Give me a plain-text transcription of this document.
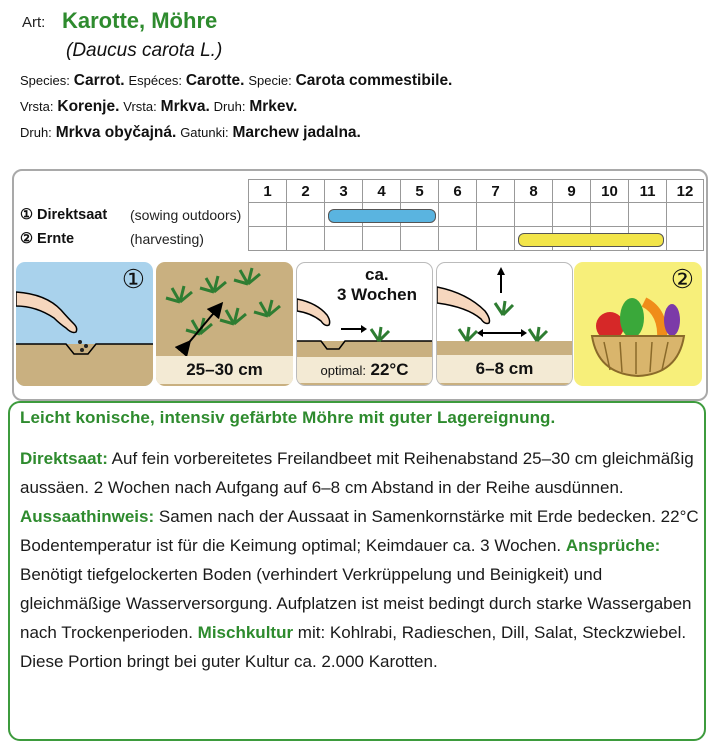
Art: Karotte, Möhre
(Daucus carota L.)
Species: Carrot. Espéces: Carotte. Specie: Carota commestibile.
Vrsta: Korenje. Vrsta: Mrkva. Druh: Mrkev.
Druh: Mrkva obyčajná. Gatunki: Marchew jadalna.
1	2	3	4	5	6	7	8	9	10	11	12
① Direktsaat (sowing outdoors)
② Ernte	(harvesting)
①
25–30 cm
ca.
3 Wochen
optimal: 22°C	6–8 cm
②
Leicht konische, intensiv gefärbte Möhre mit guter Lagereignung.
Direktsaat: Auf fein vorbereitetes Freilandbeet mit Reihenabstand 25–30 cm gleichmäßig aussäen. 2 Wochen nach Aufgang auf 6–8 cm Abstand in der Reihe ausdünnen. Aussaathinweis: Samen nach der Aussaat in Samenkornstärke mit Erde bedecken. 22°C Bodentemperatur ist für die Keimung optimal; Keimdauer ca. 3 Wochen. Ansprüche: Benötigt tiefgelockerten Boden (verhindert Verkrüppelung und Beinigkeit) und gleichmäßige Wasserversorgung. Aufplatzen ist meist bedingt durch starke Wassergaben nach Trockenperioden. Mischkultur mit: Kohlrabi, Radieschen, Dill, Salat, Steckzwiebel. Diese Portion bringt bei guter Kultur ca. 2.000 Karotten.
